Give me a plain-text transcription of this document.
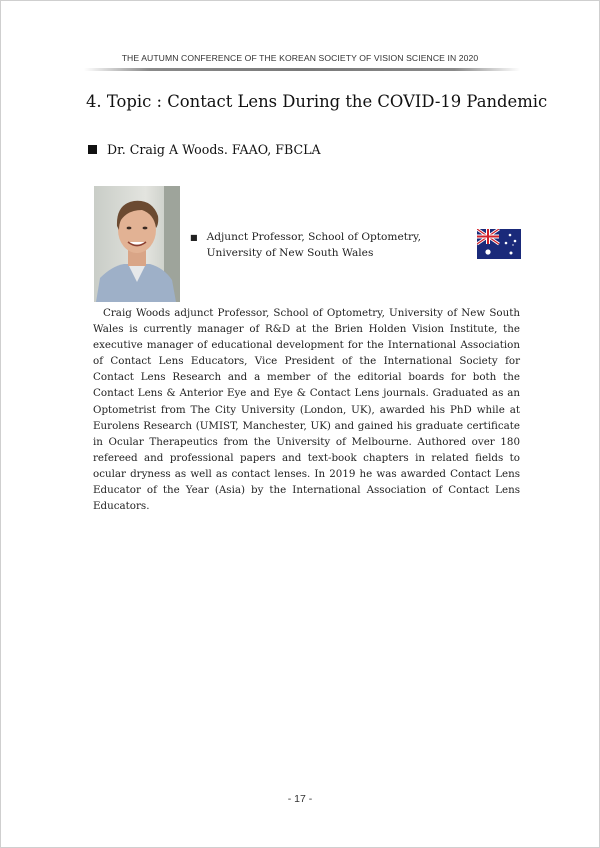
THE AUTUMN CONFERENCE OF THE KOREAN SOCIETY OF VISION SCIENCE IN 2020
4. Topic : Contact Lens During the COVID-19 Pandemic
Dr. Craig A Woods. FAAO, FBCLA
■ Adjunct Professor, School of Optometry, University of New South Wales

Craig Woods adjunct Professor, School of Optometry, University of New South Wales is currently manager of R&D at the Brien Holden Vision Institute, the executive manager of educational development for the International Association of Contact Lens Educators, Vice President of the International Society for Contact Lens Research and a member of the editorial boards for both the Contact Lens & Anterior Eye and Eye & Contact Lens journals. Graduated as an Optometrist from The City University (London, UK), awarded his PhD while at Eurolens Research (UMIST, Manchester, UK) and gained his graduate certificate in Ocular Therapeutics from the University of Melbourne. Authored over 180 refereed and professional papers and text-book chapters in related fields to ocular dryness as well as contact lenses. In 2019 he was awarded Contact Lens Educator of the Year (Asia) by the International Association of Contact Lens Educators.

- 17 -
